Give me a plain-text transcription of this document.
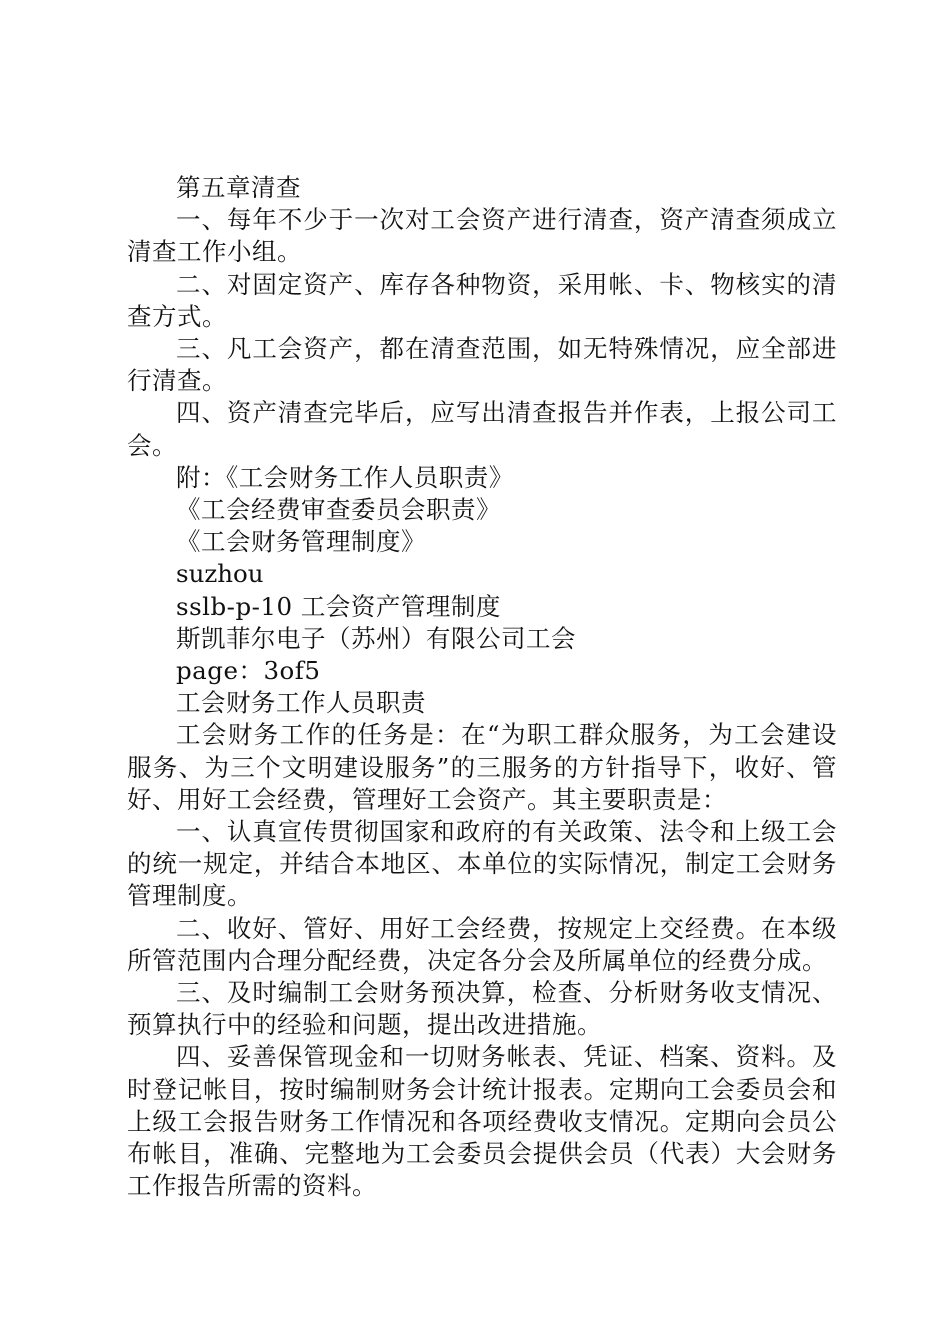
第五章清查

一、每年不少于一次对工会资产进行清查，资产清查须成立清查工作小组。

二、对固定资产、库存各种物资，采用帐、卡、物核实的清查方式。

三、凡工会资产，都在清查范围，如无特殊情况，应全部进行清查。

四、资产清查完毕后，应写出清查报告并作表，上报公司工会。

附：《工会财务工作人员职责》

《工会经费审查委员会职责》

《工会财务管理制度》

suzhou

sslb-p-10 工会资产管理制度

斯凯菲尔电子（苏州）有限公司工会

page：3of5

工会财务工作人员职责

工会财务工作的任务是：在“为职工群众服务，为工会建设服务、为三个文明建设服务”的三服务的方针指导下，收好、管好、用好工会经费，管理好工会资产。其主要职责是：

一、认真宣传贯彻国家和政府的有关政策、法令和上级工会的统一规定，并结合本地区、本单位的实际情况，制定工会财务管理制度。

二、收好、管好、用好工会经费，按规定上交经费。在本级所管范围内合理分配经费，决定各分会及所属单位的经费分成。

三、及时编制工会财务预决算，检查、分析财务收支情况、预算执行中的经验和问题，提出改进措施。

四、妥善保管现金和一切财务帐表、凭证、档案、资料。及时登记帐目，按时编制财务会计统计报表。定期向工会委员会和上级工会报告财务工作情况和各项经费收支情况。定期向会员公布帐目，准确、完整地为工会委员会提供会员（代表）大会财务工作报告所需的资料。
